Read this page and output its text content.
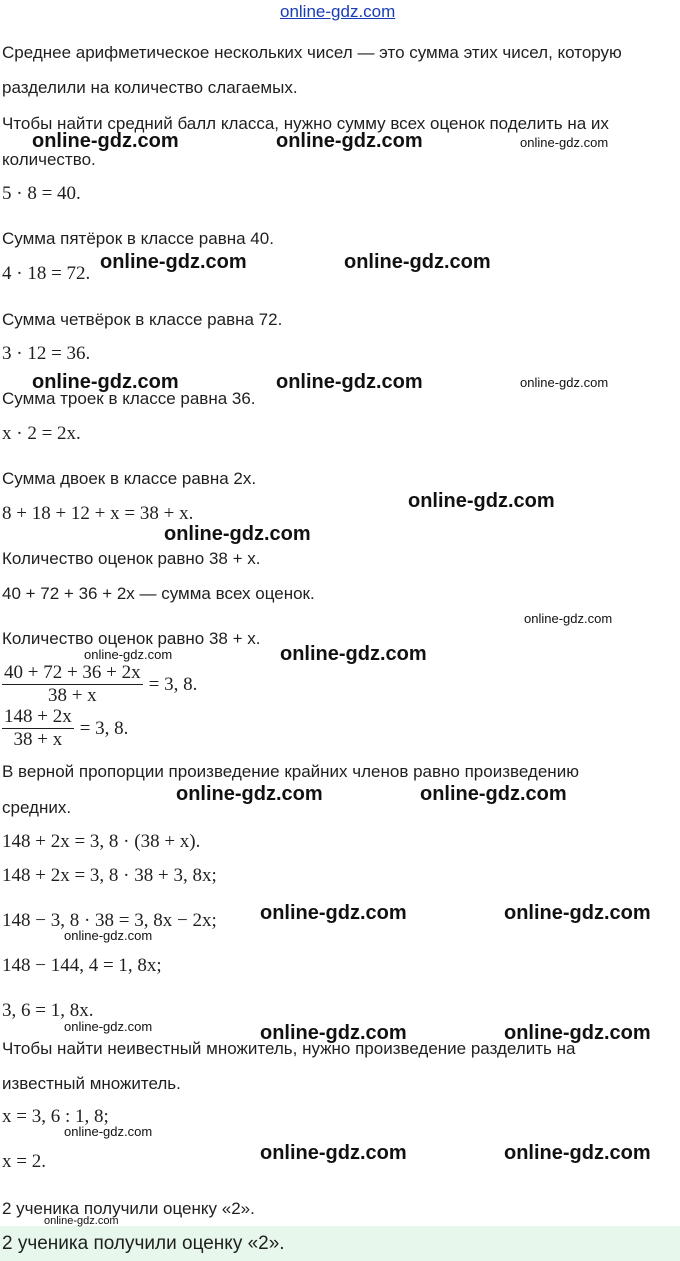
online-gdz.com

Среднее арифметическое нескольких чисел — это сумма этих чисел, которую

разделили на количество слагаемых.

Чтобы найти средний балл класса, нужно сумму всех оценок поделить на их

количество.

5 · 8 = 40.

Сумма пятёрок в классе равна 40.

4 · 18 = 72.

Сумма четвёрок в классе равна 72.

3 · 12 = 36.

Сумма троек в классе равна 36.

x · 2 = 2x.

Сумма двоек в классе равна 2x.

8 + 18 + 12 + x = 38 + x.

Количество оценок равно 38 + x.

40 + 72 + 36 + 2x — сумма всех оценок.

Количество оценок равно 38 + x.

$\frac{40 + 72 + 36 + 2x}{38 + x} = 3$, 8.
$\frac{148 + 2x}{38 + x} = 3$, 8.

В верной пропорции произведение крайних членов равно произведению

средних.

148 + 2x = 3, 8 · (38 + x).
148 + 2x = 3, 8 · 38 + 3, 8x;
148 − 3, 8 · 38 = 3, 8x − 2x;
148 − 144, 4 = 1, 8x;
3, 6 = 1, 8x.

Чтобы найти неивестный множитель, нужно произведение разделить на

известный множитель.

x = 3, 6 : 1, 8;
x = 2.

2 ученика получили оценку «2».

2 ученика получили оценку «2».
online-gdz.com	online-gdz.com	online-gdz.com
online-gdz.com	online-gdz.com
online-gdz.com	online-gdz.com	online-gdz.com
online-gdz.com
online-gdz.com
online-gdz.com
online-gdz.com	online-gdz.com
online-gdz.com	online-gdz.com
online-gdz.com	online-gdz.com
online-gdz.com
online-gdz.com	online-gdz.com	online-gdz.com
online-gdz.com
online-gdz.com	online-gdz.com
online-gdz.com
